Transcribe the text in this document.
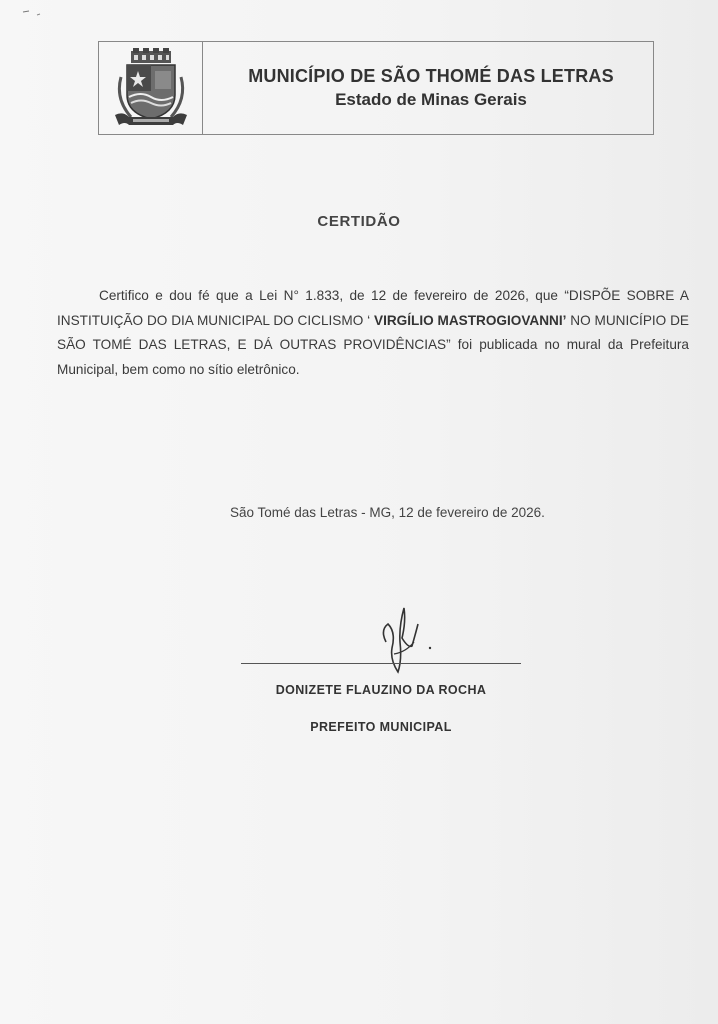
MUNICÍPIO DE SÃO THOMÉ DAS LETRAS
Estado de Minas Gerais
CERTIDÃO

Certifico e dou fé que a Lei N° 1.833, de 12 de fevereiro de 2026, que “DISPÕE SOBRE A INSTITUIÇÃO DO DIA MUNICIPAL DO CICLISMO ‘ VIRGÍLIO MASTROGIOVANNI’ NO MUNICÍPIO DE SÃO TOMÉ DAS LETRAS, E DÁ OUTRAS PROVIDÊNCIAS” foi publicada no mural da Prefeitura Municipal, bem como no sítio eletrônico.

São Tomé das Letras - MG, 12 de fevereiro de 2026.
DONIZETE FLAUZINO DA ROCHA
PREFEITO MUNICIPAL
